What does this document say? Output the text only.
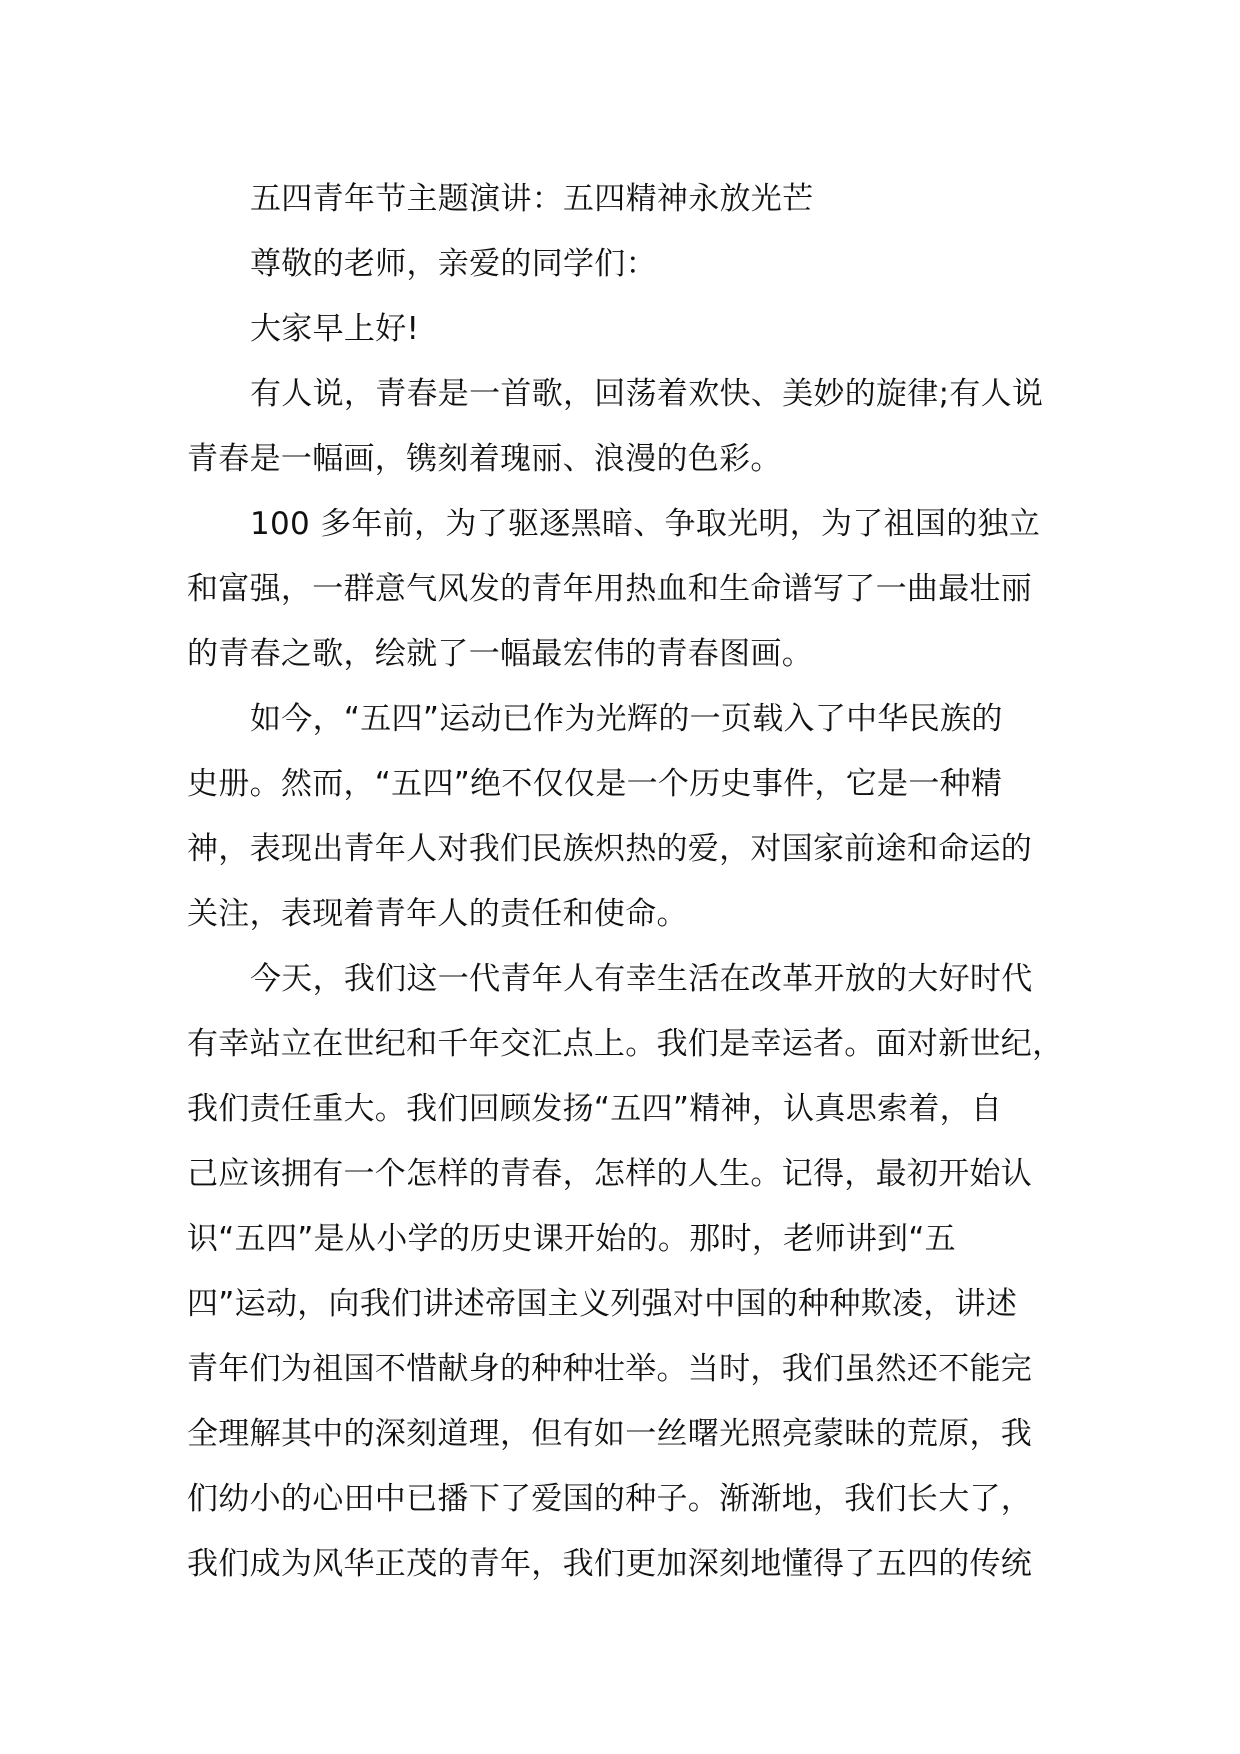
五四青年节主题演讲：五四精神永放光芒
尊敬的老师，亲爱的同学们：
大家早上好!
有人说，青春是一首歌，回荡着欢快、美妙的旋律;有人说
青春是一幅画，镌刻着瑰丽、浪漫的色彩。
100 多年前，为了驱逐黑暗、争取光明，为了祖国的独立
和富强，一群意气风发的青年用热血和生命谱写了一曲最壮丽
的青春之歌，绘就了一幅最宏伟的青春图画。
如今，“五四”运动已作为光辉的一页载入了中华民族的
史册。然而，“五四”绝不仅仅是一个历史事件，它是一种精
神，表现出青年人对我们民族炽热的爱，对国家前途和命运的
关注，表现着青年人的责任和使命。
今天，我们这一代青年人有幸生活在改革开放的大好时代
有幸站立在世纪和千年交汇点上。我们是幸运者。面对新世纪，
我们责任重大。我们回顾发扬“五四”精神，认真思索着，自
己应该拥有一个怎样的青春，怎样的人生。记得，最初开始认
识“五四”是从小学的历史课开始的。那时，老师讲到“五
四”运动，向我们讲述帝国主义列强对中国的种种欺凌，讲述
青年们为祖国不惜献身的种种壮举。当时，我们虽然还不能完
全理解其中的深刻道理，但有如一丝曙光照亮蒙昧的荒原，我
们幼小的心田中已播下了爱国的种子。渐渐地，我们长大了，
我们成为风华正茂的青年，我们更加深刻地懂得了五四的传统
